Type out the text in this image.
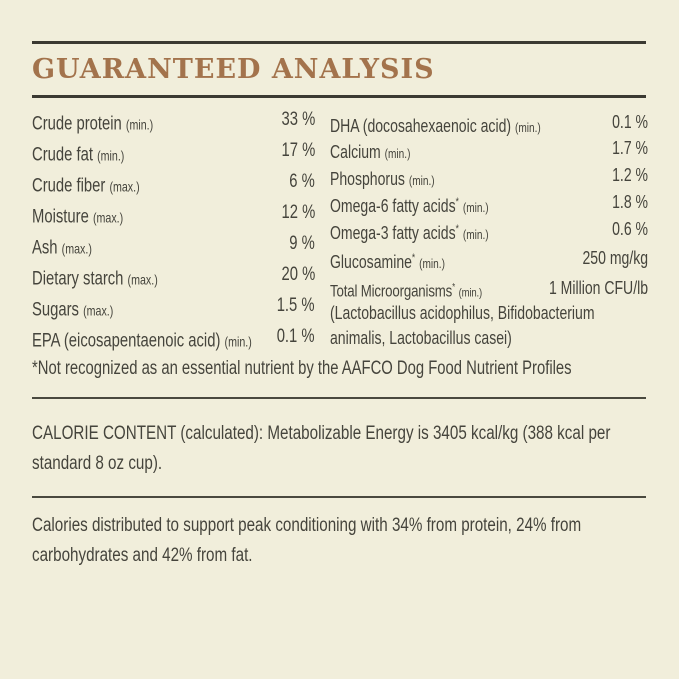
GUARANTEED ANALYSIS
Crude protein (min.)	33 %
Crude fat (min.)	17 %
Crude fiber (max.)	6 %
Moisture (max.)	12 %
Ash (max.)	9 %
Dietary starch (max.)	20 %
Sugars (max.)	1.5 %
EPA (eicosapentaenoic acid) (min.) 0.1 %
DHA (docosahexaenoic acid) (min.)	0.1 %
Calcium (min.)	1.7 %
Phosphorus (min.)	1.2 %
Omega-6 fatty acids* (min.)	1.8 %
Omega-3 fatty acids* (min.)	0.6 %
Glucosamine* (min.)	250 mg/kg
Total Microorganisms* (min.)	1 Million CFU/lb
(Lactobacillus acidophilus, Bifidobacterium
animalis, Lactobacillus casei)
*Not recognized as an essential nutrient by the AAFCO Dog Food Nutrient Profiles
CALORIE CONTENT (calculated): Metabolizable Energy is 3405 kcal/kg (388 kcal per
standard 8 oz cup).
Calories distributed to support peak conditioning with 34% from protein, 24% from
carbohydrates and 42% from fat.
